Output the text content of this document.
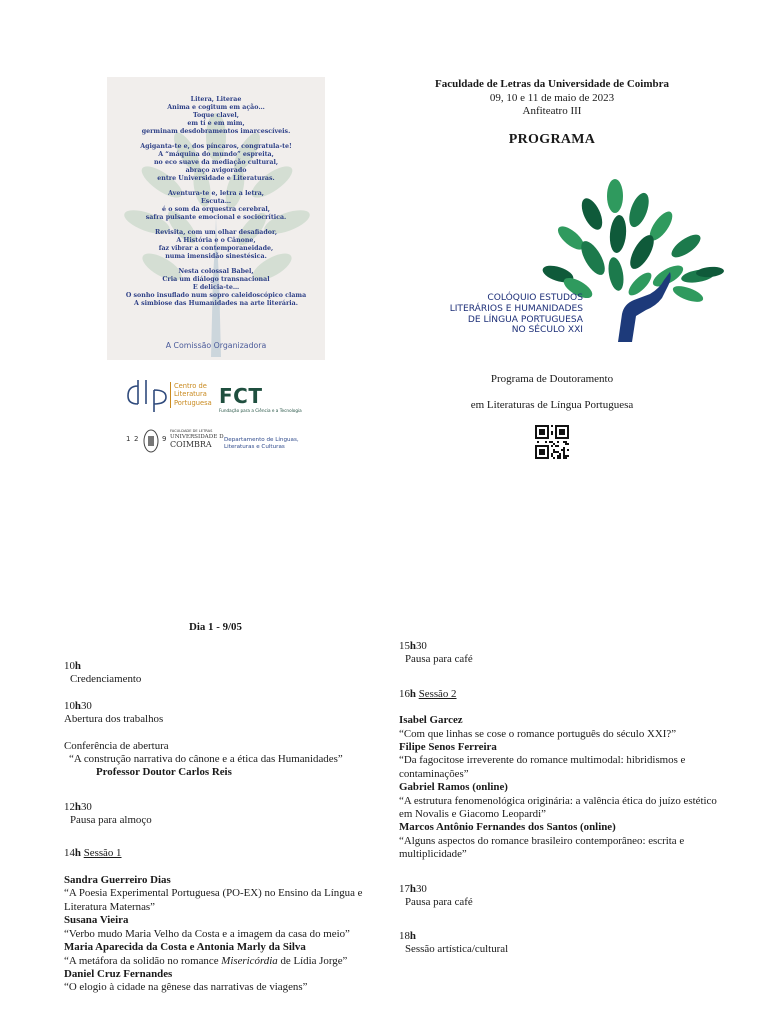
Litera, Literae
Anima e cogitum em ação…
Toque clavel,
em tí e em mim,
germinam desdobramentos imarcescíveis.
Agiganta-te e, dos píncaros, congratula-te!
A “máquina do mundo” espreita,
no eco suave da mediação cultural,
abraço avigorado
entre Universidade e Literaturas.
Aventura-te e, letra a letra,
Escuta…
é o som da orquestra cerebral,
safra pulsante emocional e sociocrítica.
Revisita, com um olhar desafiador,
A História e o Cânone,
faz vibrar a contemporaneidade,
numa imensidão sinestésica.
Nesta colossal Babel,
Cria um diálogo transnacional
E delicia-te…
O sonho insuflado num sopro caleidoscópico clama
A simbiose das Humanidades na arte literária.
A Comissão Organizadora
Centro de
Literatura
Portuguesa FCT
Fundação para a Ciência e a Tecnologia
1 2	9
FACULDADE DE LETRAS
UNIVERSIDADE D
COIMBRA	Departamento de Línguas,
Literaturas e Culturas
Faculdade de Letras da Universidade de Coimbra
09, 10 e 11 de maio de 2023
Anfiteatro III
PROGRAMA
COLÓQUIO ESTUDOS
LITERÁRIOS E HUMANIDADES
DE LÍNGUA PORTUGUESA
NO SÉCULO XXI
Programa de Doutoramento
em Literaturas de Língua Portuguesa
Dia 1 - 9/05
10h
Credenciamento
10h30
Abertura dos trabalhos
Conferência de abertura
“A construção narrativa do cânone e a ética das Humanidades”
Professor Doutor Carlos Reis
12h30
Pausa para almoço
14h Sessão 1
Sandra Guerreiro Dias
“A Poesia Experimental Portuguesa (PO-EX) no Ensino da Língua e Literatura Maternas”
Susana Vieira
“Verbo mudo Maria Velho da Costa e a imagem da casa do meio”
Maria Aparecida da Costa e Antonia Marly da Silva
“A metáfora da solidão no romance Misericórdia de Lídia Jorge”
Daniel Cruz Fernandes
“O elogio à cidade na gênese das narrativas de viagens”
15h30
Pausa para café
16h Sessão 2
Isabel Garcez
“Com que linhas se cose o romance português do século XXI?”
Filipe Senos Ferreira
“Da fagocitose irreverente do romance multimodal: hibridismos e contaminações”
Gabriel Ramos (online)
“A estrutura fenomenológica originária: a valência ética do juízo estético em Novalis e Giacomo Leopardi”
Marcos Antônio Fernandes dos Santos (online)
“Alguns aspectos do romance brasileiro contemporâneo: escrita e multiplicidade”
17h30
Pausa para café
18h
Sessão artística/cultural
